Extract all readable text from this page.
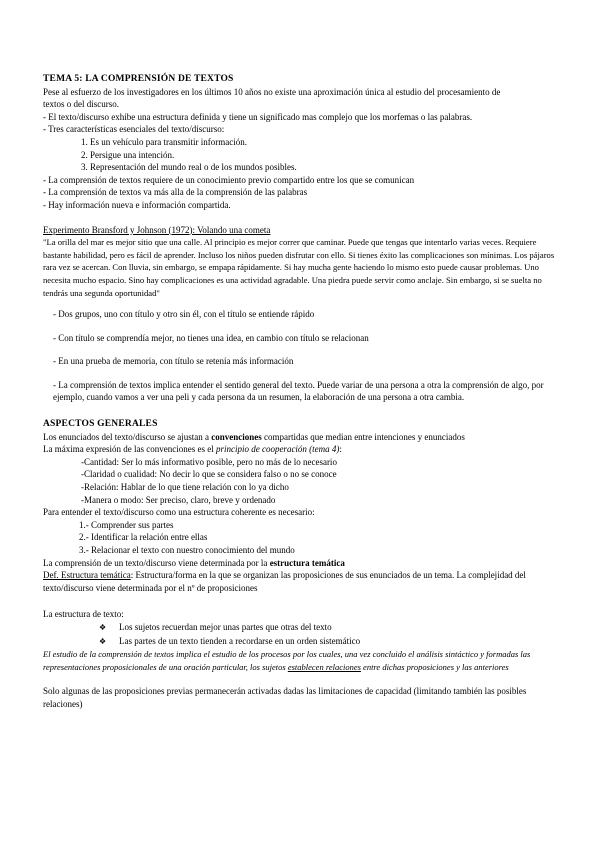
TEMA 5: LA COMPRENSIÓN DE TEXTOS
Pese al esfuerzo de los investigadores en los últimos 10 años no existe una aproximación única al estudio del procesamiento de
textos o del discurso.
- El texto/discurso exhibe una estructura definida y tiene un significado mas complejo que los morfemas o las palabras.
- Tres características esenciales del texto/discurso:
1. Es un vehículo para transmitir información.
2. Persigue una intención.
3. Representación del mundo real o de los mundos posibles.
- La comprensión de textos requiere de un conocimiento previo compartido entre los que se comunican
- La comprensión de textos va más alla de la comprensión de las palabras
- Hay información nueva e información compartida.
Experimento Bransford y Johnson (1972): Volando una cometa
"La orilla del mar es mejor sitio que una calle. Al principio es mejor correr que caminar. Puede que tengas que intentarlo varias veces. Requiere bastante habilidad, pero es fácil de aprender. Incluso los niños pueden disfrutar con ello. Si tienes éxito las complicaciones son mínimas. Los pájaros rara vez se acercan. Con lluvia, sin embargo, se empapa rápidamente. Si hay mucha gente haciendo lo mismo esto puede causar problemas. Uno necesita mucho espacio. Sino hay complicaciones es una actividad agradable. Una piedra puede servir como anclaje. Sin embargo, si se suelta no tendrás una segunda oportunidad"
- Dos grupos, uno con título y otro sin él, con el título se entiende rápido
- Con título se comprendía mejor, no tienes una idea, en cambio con título se relacionan
- En una prueba de memoria, con título se retenía más información
- La comprensión de textos implica entender el sentido general del texto. Puede variar de una persona a otra la comprensión de algo, por ejemplo, cuando vamos a ver una peli y cada persona da un resumen, la elaboración de una persona a otra cambia.
ASPECTOS GENERALES
Los enunciados del texto/discurso se ajustan a convenciones compartidas que median entre intenciones y enunciados
La máxima expresión de las convenciones es el principio de cooperación (tema 4):
-Cantidad: Ser lo más informativo posible, pero no más de lo necesario
-Claridad o cualidad: No decir lo que se considera falso o no se conoce
-Relación: Hablar de lo que tiene relación con lo ya dicho
-Manera o modo: Ser preciso, claro, breve y ordenado
Para entender el texto/discurso como una estructura coherente es necesario:
1.- Comprender sus partes
2.- Identificar la relación entre ellas
3.- Relacionar el texto con nuestro conocimiento del mundo
La comprensión de un texto/discurso viene determinada por la estructura temática
Def. Estructura temática: Estructura/forma en la que se organizan las proposiciones de sus enunciados de un tema. La complejidad del texto/discurso viene determinada por el nº de proposiciones
La estructura de texto:
❖ Los sujetos recuerdan mejor unas partes que otras del texto
❖ Las partes de un texto tienden a recordarse en un orden sistemático
El estudio de la comprensión de textos implica el estudio de los procesos por los cuales, una vez concluido el análisis sintáctico y formadas las representaciones proposicionales de una oración particular, los sujetos establecen relaciones entre dichas proposiciones y las anteriores
Solo algunas de las proposiciones previas permanecerán activadas dadas las limitaciones de capacidad (limitando también las posibles relaciones)
